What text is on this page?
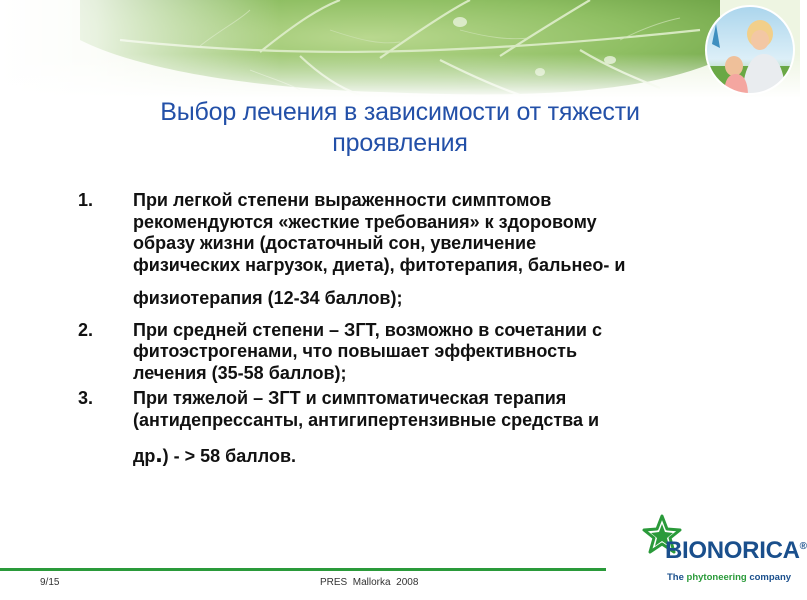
Выбор лечения в зависимости от тяжести
проявления
1.	При легкой степени выраженности симптомов
рекомендуются «жесткие требования» к здоровому
образу жизни (достаточный сон, увеличение
физических нагрузок, диета), фитотерапия, бальнео- и
физиотерапия (12-34 баллов);
2.	При средней степени – ЗГТ, возможно в сочетании с
фитоэстрогенами, что повышает эффективность
лечения (35-58 баллов);
3.	При тяжелой – ЗГТ и симптоматическая терапия
(антидепрессанты, антигипертензивные средства и
др.) - > 58 баллов.
BIONORICA®
The phytoneering company
9/15	PRES  Mallorka  2008
